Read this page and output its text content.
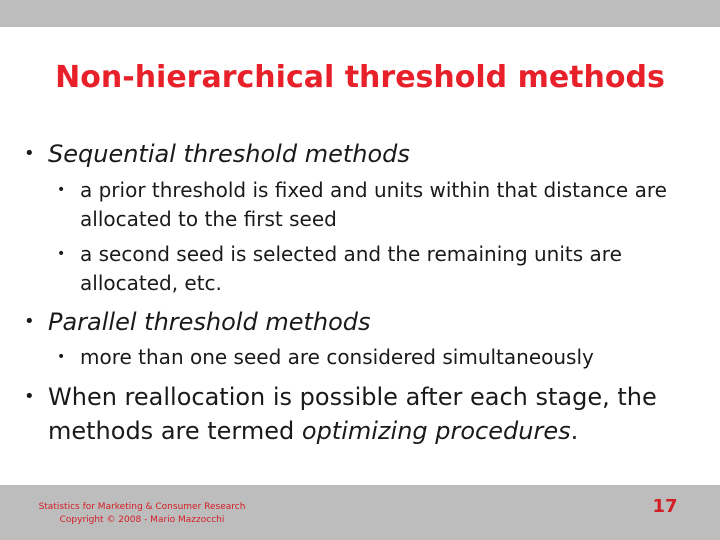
Non-hierarchical threshold methods
• Sequential threshold methods
• a prior threshold is fixed and units within that distance are allocated to the first seed
• a second seed is selected and the remaining units are allocated, etc.
• Parallel threshold methods
• more than one seed are considered simultaneously
• When reallocation is possible after each stage, the methods are termed optimizing procedures.
Statistics for Marketing & Consumer Research
Copyright © 2008 - Mario Mazzocchi
17
